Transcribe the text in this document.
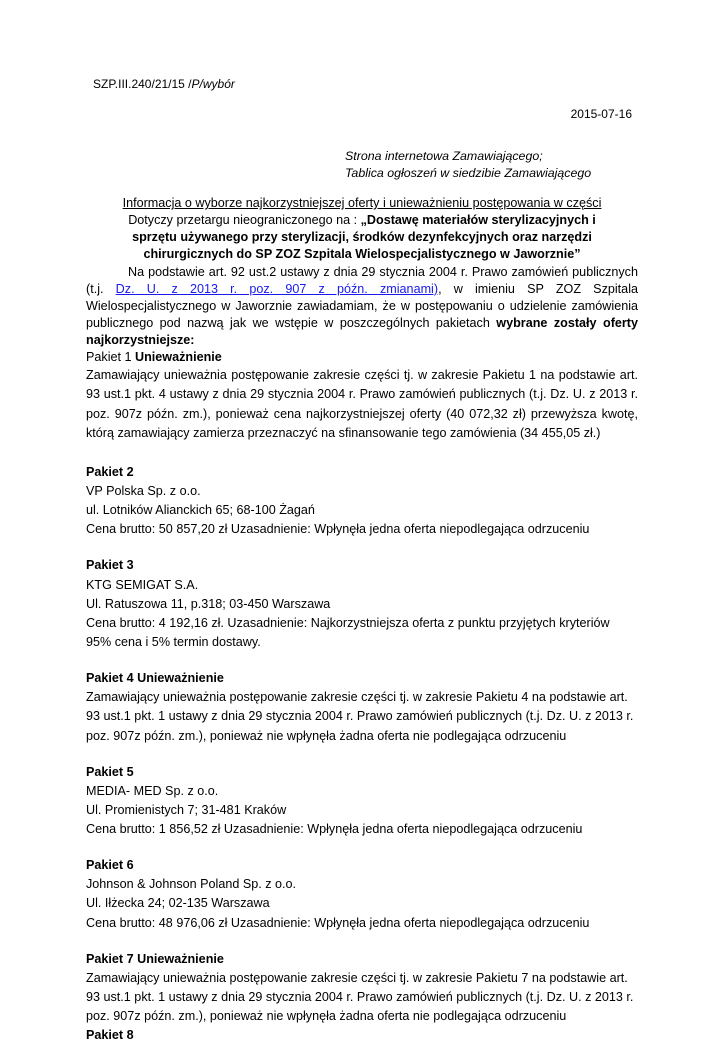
SZP.III.240/21/15 /P/wybór
2015-07-16
Strona internetowa Zamawiającego;
Tablica ogłoszeń w siedzibie Zamawiającego

Informacja o wyborze najkorzystniejszej oferty i unieważnieniu postępowania w części

Dotyczy przetargu nieograniczonego na : „Dostawę materiałów sterylizacyjnych i sprzętu używanego przy sterylizacji, środków dezynfekcyjnych oraz narzędzi chirurgicznych do SP ZOZ Szpitala Wielospecjalistycznego w Jaworznie”

Na podstawie art. 92 ust.2 ustawy z dnia 29 stycznia 2004 r. Prawo zamówień publicznych (t.j. Dz. U. z 2013 r. poz. 907 z późn. zmianami), w imieniu SP ZOZ Szpitala Wielospecjalistycznego w Jaworznie zawiadamiam, że w postępowaniu o udzielenie zamówienia publicznego pod nazwą jak we wstępie w poszczególnych pakietach wybrane zostały oferty najkorzystniejsze:

Pakiet 1 Unieważnienie

Zamawiający unieważnia postępowanie zakresie części tj. w zakresie Pakietu 1 na podstawie art. 93 ust.1 pkt. 4 ustawy z dnia 29 stycznia 2004 r. Prawo zamówień publicznych (t.j. Dz. U. z 2013 r. poz. 907z późn. zm.), ponieważ cena najkorzystniejszej oferty (40 072,32 zł) przewyższa kwotę, którą zamawiający zamierza przeznaczyć na sfinansowanie tego zamówienia (34 455,05 zł.)

Pakiet 2

VP Polska Sp. z o.o.

ul. Lotników Alianckich 65; 68-100 Żagań

Cena brutto: 50 857,20 zł Uzasadnienie: Wpłynęła jedna oferta niepodlegająca odrzuceniu

Pakiet 3

KTG SEMIGAT S.A.

Ul. Ratuszowa 11, p.318; 03-450 Warszawa

Cena brutto: 4 192,16 zł. Uzasadnienie: Najkorzystniejsza oferta z punktu przyjętych kryteriów 95% cena i 5% termin dostawy.

Pakiet 4 Unieważnienie

Zamawiający unieważnia postępowanie zakresie części tj. w zakresie Pakietu 4 na podstawie art. 93 ust.1 pkt. 1 ustawy z dnia 29 stycznia 2004 r. Prawo zamówień publicznych (t.j. Dz. U. z 2013 r. poz. 907z późn. zm.), ponieważ nie wpłynęła żadna oferta nie podlegająca odrzuceniu

Pakiet 5

MEDIA- MED Sp. z o.o.

Ul. Promienistych 7; 31-481 Kraków

Cena brutto: 1 856,52 zł Uzasadnienie: Wpłynęła jedna oferta niepodlegająca odrzuceniu

Pakiet 6

Johnson & Johnson Poland Sp. z o.o.

Ul. Iłżecka 24; 02-135 Warszawa

Cena brutto: 48 976,06 zł Uzasadnienie: Wpłynęła jedna oferta niepodlegająca odrzuceniu

Pakiet 7 Unieważnienie

Zamawiający unieważnia postępowanie zakresie części tj. w zakresie Pakietu 7 na podstawie art. 93 ust.1 pkt. 1 ustawy z dnia 29 stycznia 2004 r. Prawo zamówień publicznych (t.j. Dz. U. z 2013 r. poz. 907z późn. zm.), ponieważ nie wpłynęła żadna oferta nie podlegająca odrzuceniu

Pakiet 8
